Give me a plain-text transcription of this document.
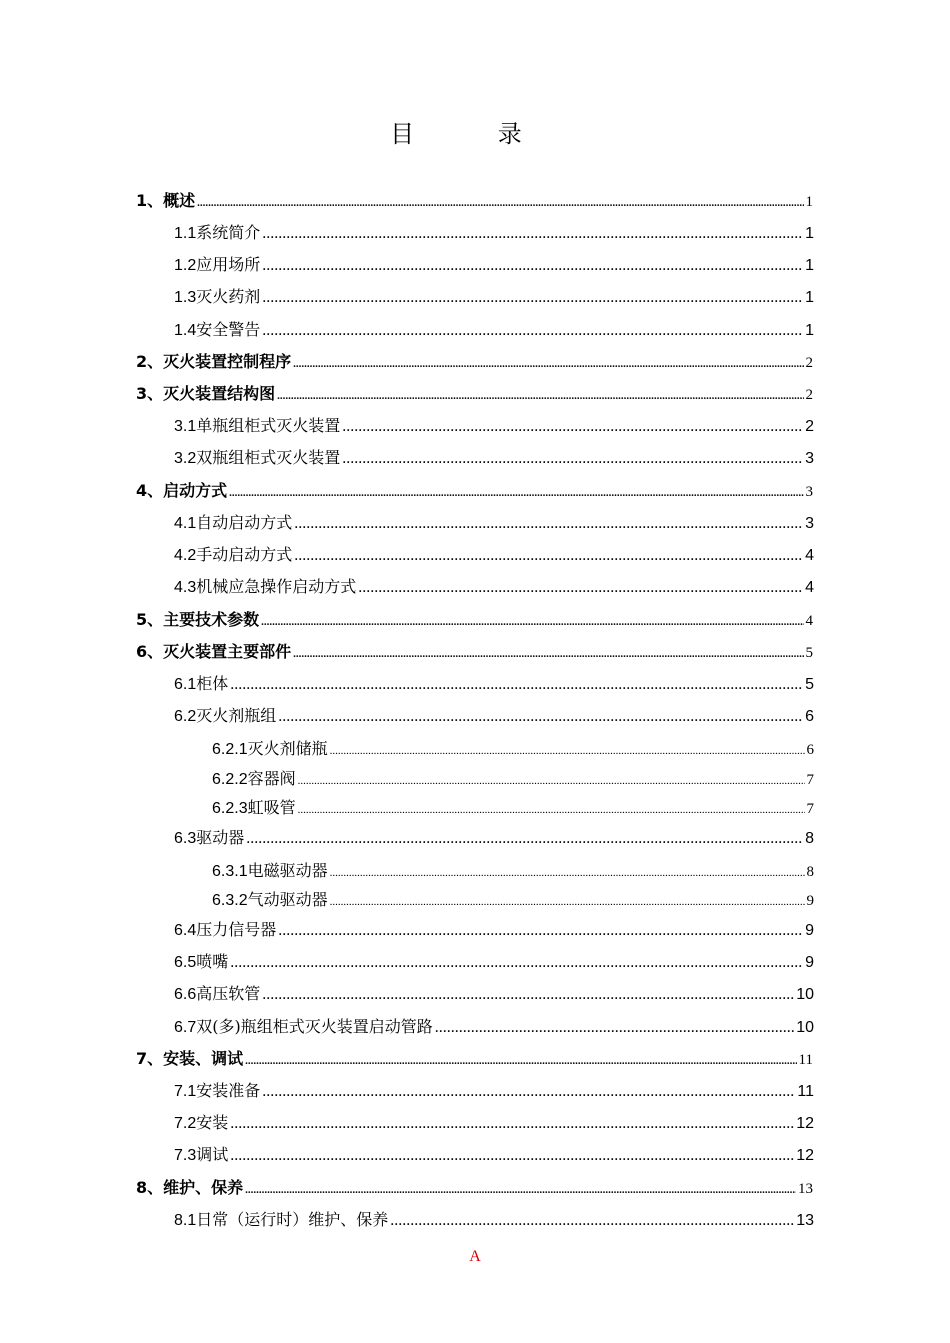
目 录
1、 概述 .....	1
1.1 系统简介 .....	1
1.2 应用场所 .....	1
1.3 灭火药剂 .....	1
1.4 安全警告 .....	1
2、 灭火装置控制程序 .....	2
3、 灭火装置结构图 .....	2
3.1 单瓶组柜式灭火装置 .....	2
3.2 双瓶组柜式灭火装置 .....	3
4、 启动方式 .....	3
4.1 自动启动方式 .....	3
4.2 手动启动方式 .....	4
4.3 机械应急操作启动方式 .....	4
5、 主要技术参数 .....	4
6、 灭火装置主要部件 .....	5
6.1 柜体 .....	5
6.2 灭火剂瓶组 .....	6
6.2.1 灭火剂储瓶 .....	6
6.2.2 容器阀 .....	7
6.2.3 虹吸管 .....	7
6.3 驱动器 .....	8
6.3.1 电磁驱动器 .....	8
6.3.2 气动驱动器 .....	9
6.4 压力信号器 .....	9
6.5 喷嘴 .....	9
6.6 高压软管 .....	10
6.7 双(多)瓶组柜式灭火装置启动管路 .....	10
7、 安装、调试 .....	11
7.1 安装准备 .....	11
7.2 安装 .....	12
7.3 调试 .....	12
8、 维护、保养 .....	13
8.1 日常（运行时）维护、保养 .....	13
A
